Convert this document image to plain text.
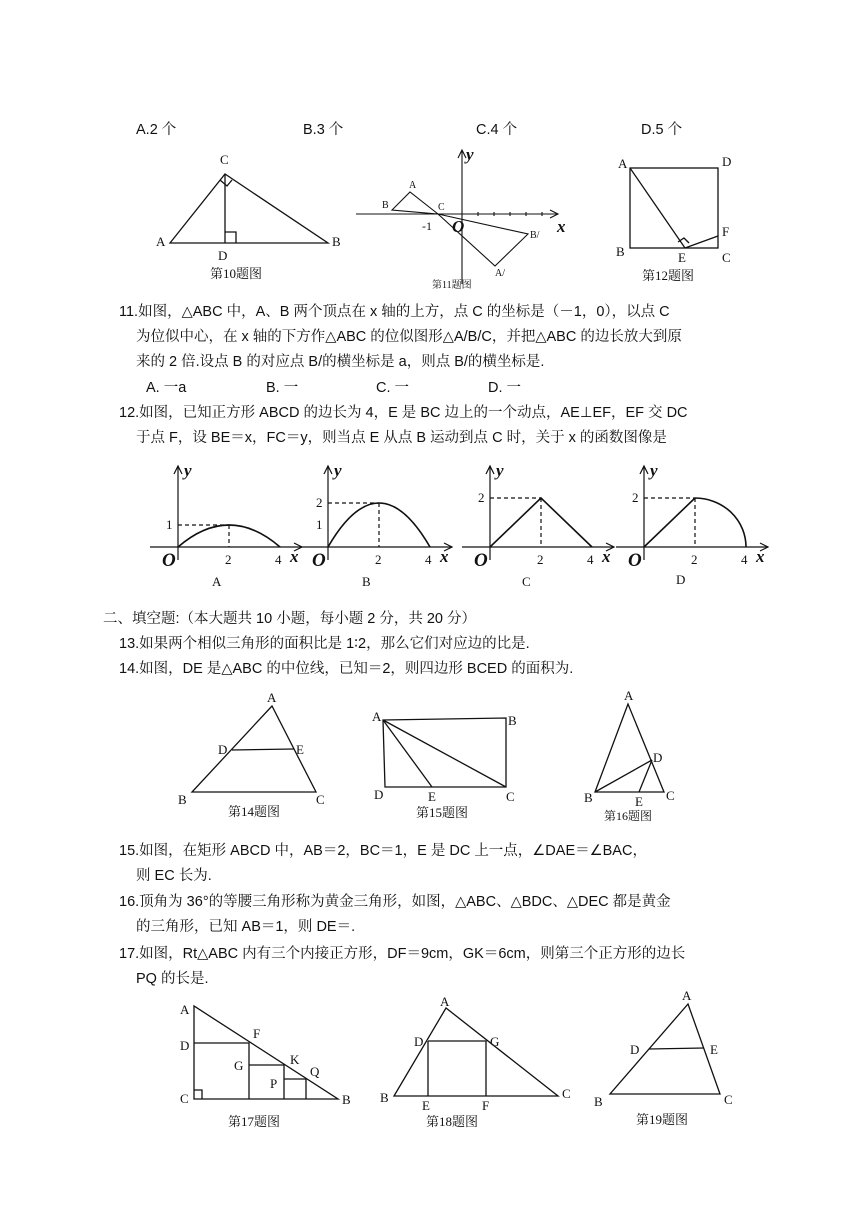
A.2 个	B.3 个	C.4 个	D.5 个
A
C
B
D
第10题图
A
B	C
B/
A/
-1 O	x
y
第11题图
A	D
B	E	C
F
第12题图
11.如图，△ABC 中，A、B 两个顶点在 x 轴的上方，点 C 的坐标是（－1，0），以点 C
为位似中心，在 x 轴的下方作△ABC 的位似图形△A/B/C，并把△ABC 的边长放大到原
来的 2 倍.设点 B 的对应点 B/的横坐标是 a，则点 B/的横坐标是.
A. 一a	B. 一	C. 一	D. 一
12.如图，已知正方形 ABCD 的边长为 4，E 是 BC 边上的一个动点，AE⊥EF，EF 交 DC
于点 F，设 BE＝x，FC＝y，则当点 E 从点 B 运动到点 C 时，关于 x 的函数图像是
y
x
O
1
2	4
A
y
x
O
2
1
2	4
B
y
x
O
2
2	4
C
y
x
O
2
2	4
D
二、填空题:（本大题共 10 小题，每小题 2 分，共 20 分）
13.如果两个相似三角形的面积比是 1∶2，那么它们对应边的比是.
14.如图，DE 是△ABC 的中位线，已知＝2，则四边形 BCED 的面积为.
A
D	E
B	C
第14题图
A	B
D	E	C
第15题图
A
D
B	E C
第16题图
15.如图，在矩形 ABCD 中，AB＝2，BC＝1，E 是 DC 上一点，∠DAE＝∠BAC，
则 EC 长为.
16.顶角为 36°的等腰三角形称为黄金三角形，如图，△ABC、△BDC、△DEC 都是黄金
的三角形，已知 AB＝1，则 DE＝.
17.如图，Rt△ABC 内有三个内接正方形，DF＝9cm，GK＝6cm，则第三个正方形的边长
PQ 的长是.
A
D
F
G	K
P
Q
C	B
第17题图
A
D	G
B	C
E	F
第18题图
A
D	E
B	C
第19题图
